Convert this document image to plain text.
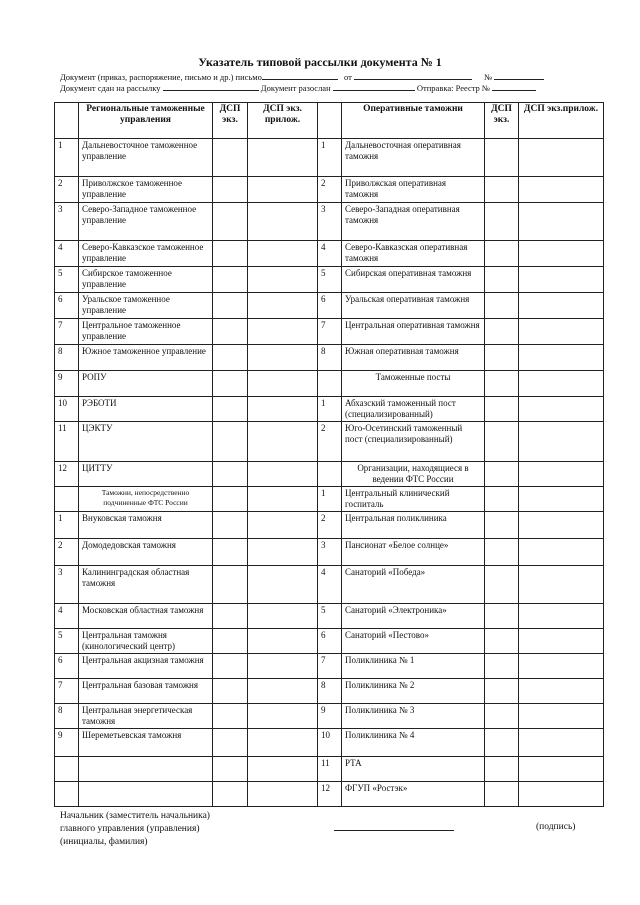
Указатель типовой рассылки документа № 1
Документ (приказ, распоряжение, письмо и др.) письмо	от	№
Документ сдан на рассылку	Документ разослан	Отправка: Реестр №
	Региональные таможенные управления	ДСП экз.	ДСП экз. прилож.		Оперативные таможни	ДСП экз.	ДСП экз.прилож.
1	Дальневосточное таможенное управление			1	Дальневосточная оперативная таможня		
2	Приволжское таможенное управление			2	Приволжская оперативная таможня		
3	Северо-Западное таможенное управление			3	Северо-Западная оперативная таможня		
4	Северо-Кавказское таможенное управление			4	Северо-Кавказская оперативная таможня		
5	Сибирское таможенное управление			5	Сибирская оперативная таможня		
6	Уральское таможенное управление			6	Уральская оперативная таможня		
7	Центральное таможенное управление			7	Центральная оперативная таможня		
8	Южное таможенное управление			8	Южная оперативная таможня		
9	РОПУ				Таможенные посты		
10	РЭБОТИ			1	Абхазский таможенный пост (специализированный)		
11	ЦЭКТУ			2	Юго-Осетинский таможенный пост (специализированный)		
12	ЦИТТУ				Организации, находящиеся в ведении ФТС России		
	Таможни, непосредственно подчиненные ФТС России			1	Центральный клинический госпиталь		
1	Внуковская таможня			2	Центральная поликлиника		
2	Домодедовская таможня			3	Пансионат «Белое солнце»		
3	Калининградская областная таможня			4	Санаторий «Победа»		
4	Московская областная таможня			5	Санаторий «Электроника»		
5	Центральная таможня (кинологический центр)			6	Санаторий «Пестово»		
6	Центральная акцизная таможня			7	Поликлиника № 1		
7	Центральная базовая таможня			8	Поликлиника № 2		
8	Центральная энергетическая таможня			9	Поликлиника № 3		
9	Шереметьевская таможня			10	Поликлиника № 4		
				11	РТА		
				12	ФГУП «Ростэк»		
Начальник (заместитель начальника)
главного управления (управления)
(инициалы, фамилия)
(подпись)
